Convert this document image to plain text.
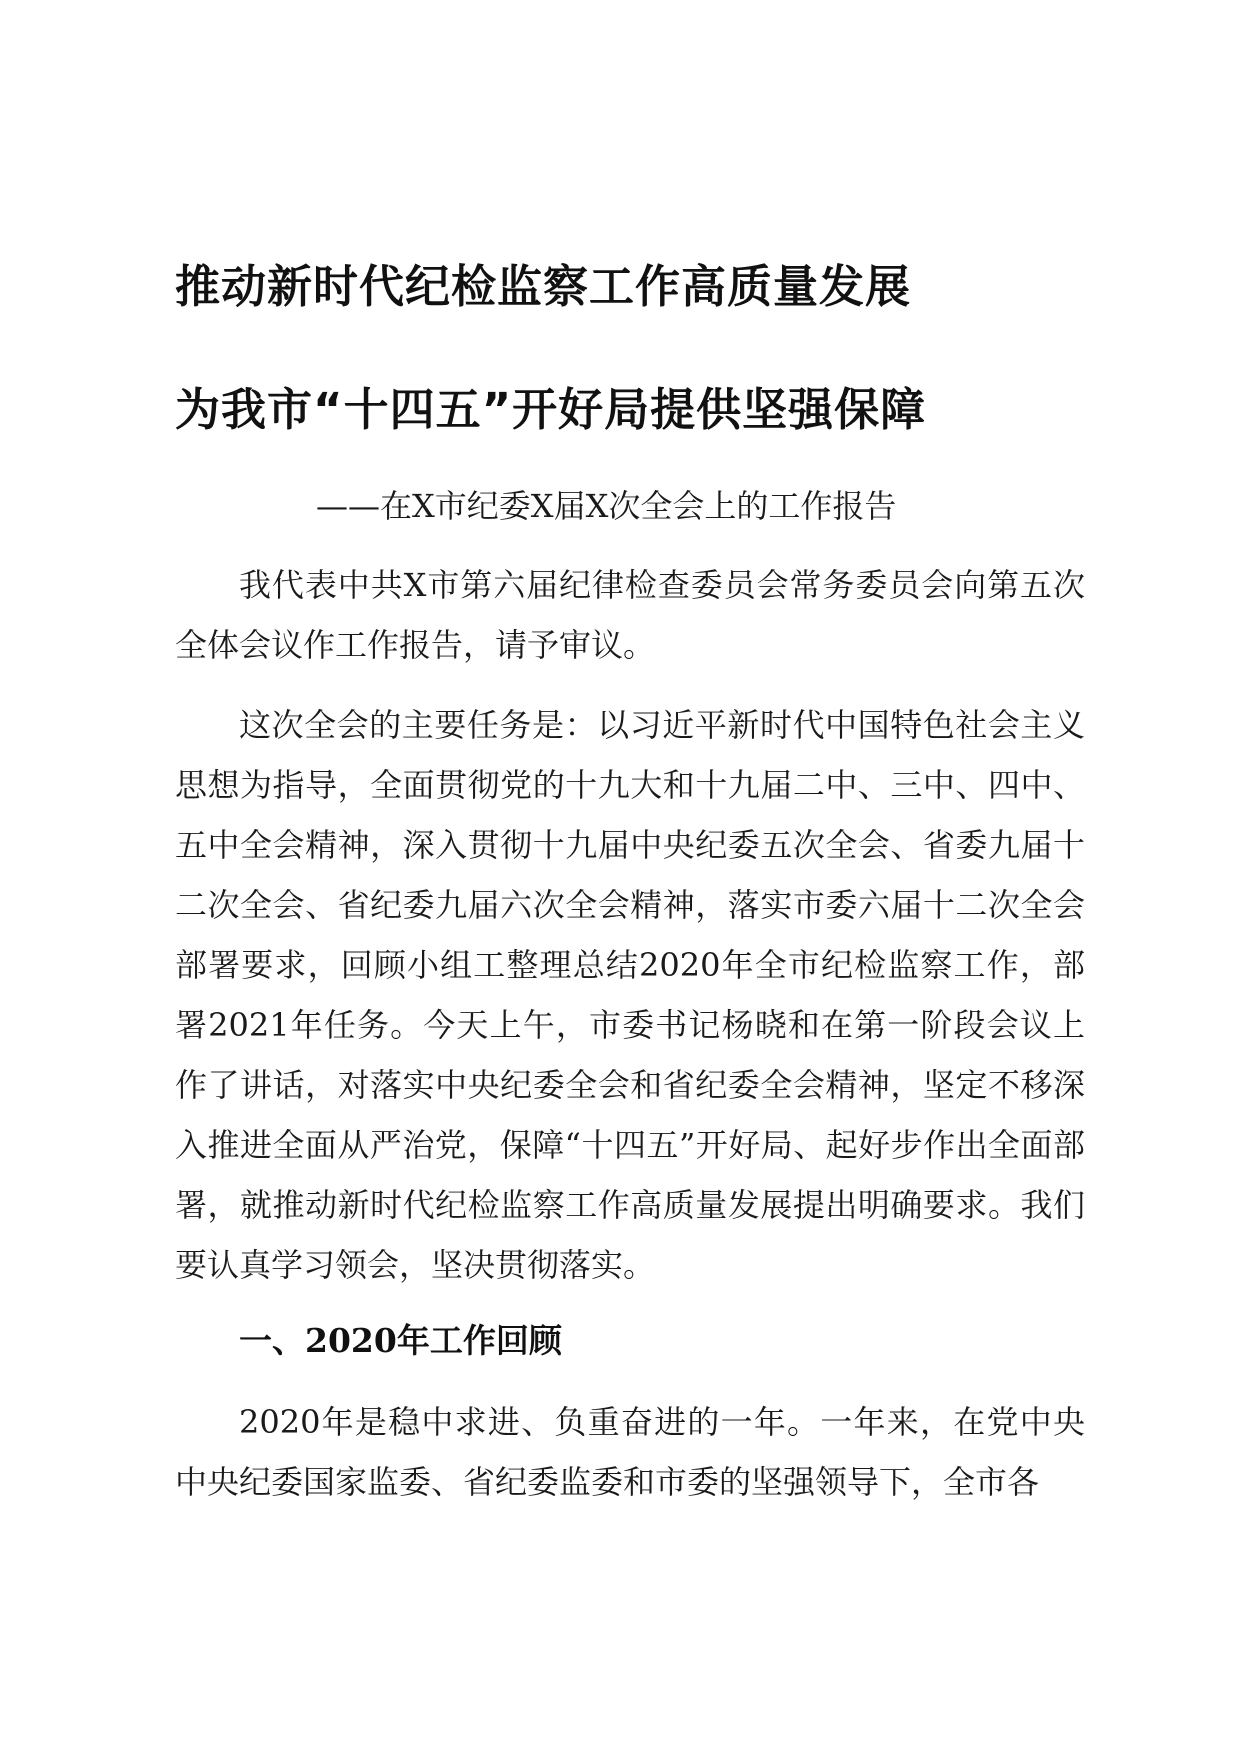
推动新时代纪检监察工作高质量发展
为我市“十四五”开好局提供坚强保障
——在X市纪委X届X次全会上的工作报告

我代表中共X市第六届纪律检查委员会常务委员会向第五次全体会议作工作报告，请予审议。

这次全会的主要任务是：以习近平新时代中国特色社会主义思想为指导，全面贯彻党的十九大和十九届二中、三中、四中、五中全会精神，深入贯彻十九届中央纪委五次全会、省委九届十二次全会、省纪委九届六次全会精神，落实市委六届十二次全会部署要求，回顾小组工整理总结2020年全市纪检监察工作，部署2021年任务。今天上午，市委书记杨晓和在第一阶段会议上作了讲话，对落实中央纪委全会和省纪委全会精神，坚定不移深入推进全面从严治党，保障“十四五”开好局、起好步作出全面部署，就推动新时代纪检监察工作高质量发展提出明确要求。我们要认真学习领会，坚决贯彻落实。

一、2020年工作回顾

2020年是稳中求进、负重奋进的一年。一年来，在党中央中央纪委国家监委、省纪委监委和市委的坚强领导下，全市各
